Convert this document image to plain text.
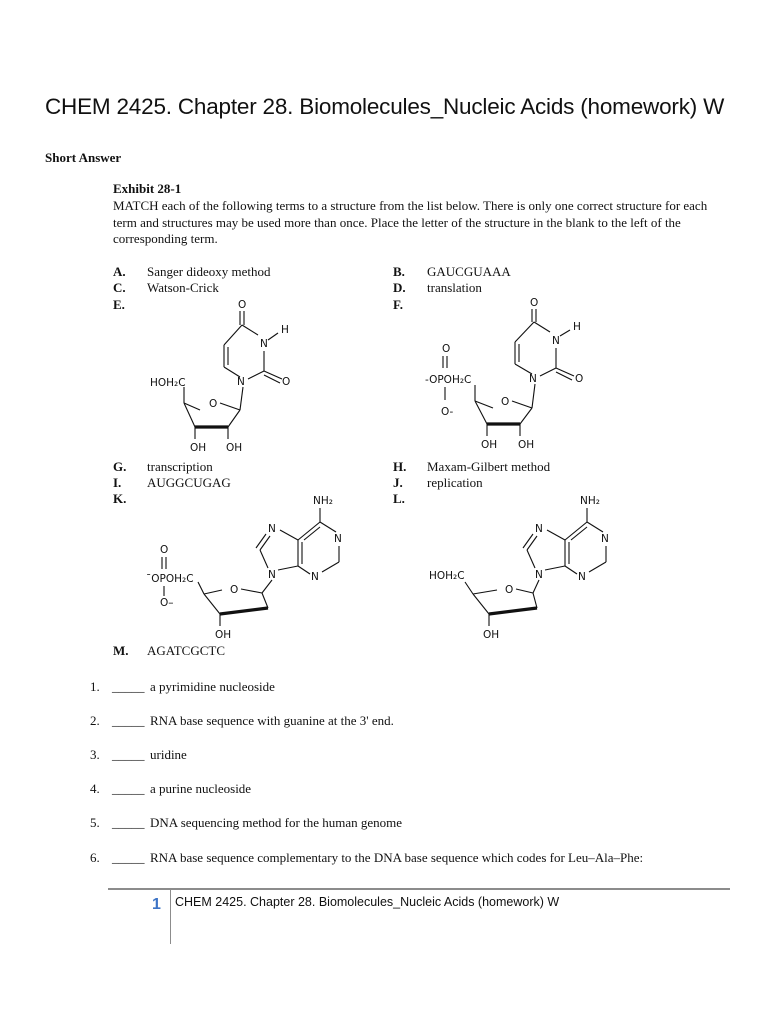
CHEM 2425. Chapter 28. Biomolecules_Nucleic Acids (homework) W
Short Answer
Exhibit 28-1
MATCH each of the following terms to a structure from the list below. There is only one correct structure for each term and structures may be used more than once. Place the letter of the structure in the blank to the left of the corresponding term.
A. Sanger dideoxy method	B. GAUCGUAAA
C. Watson-Crick	D. translation
E.	F.
O
N
H
O
N
HOH₂C
O
OH OH
O
N
H
O
N
O
-OPOH₂C
O-
O
OH OH
G. transcription	H. Maxam-Gilbert method
I. AUGGCUGAG	J. replication
K.	L.
NH₂
N
N
N
N
O
¯OPOH₂C
O–
O
OH
NH₂
N
N
N
N
HOH₂C
O
OH
M. AGATCGCTC
1. _____ a pyrimidine nucleoside
2. _____ RNA base sequence with guanine at the 3' end.
3. _____ uridine
4. _____ a purine nucleoside
5. _____ DNA sequencing method for the human genome
6. _____ RNA base sequence complementary to the DNA base sequence which codes for Leu–Ala–Phe:
1 CHEM 2425. Chapter 28. Biomolecules_Nucleic Acids (homework) W
